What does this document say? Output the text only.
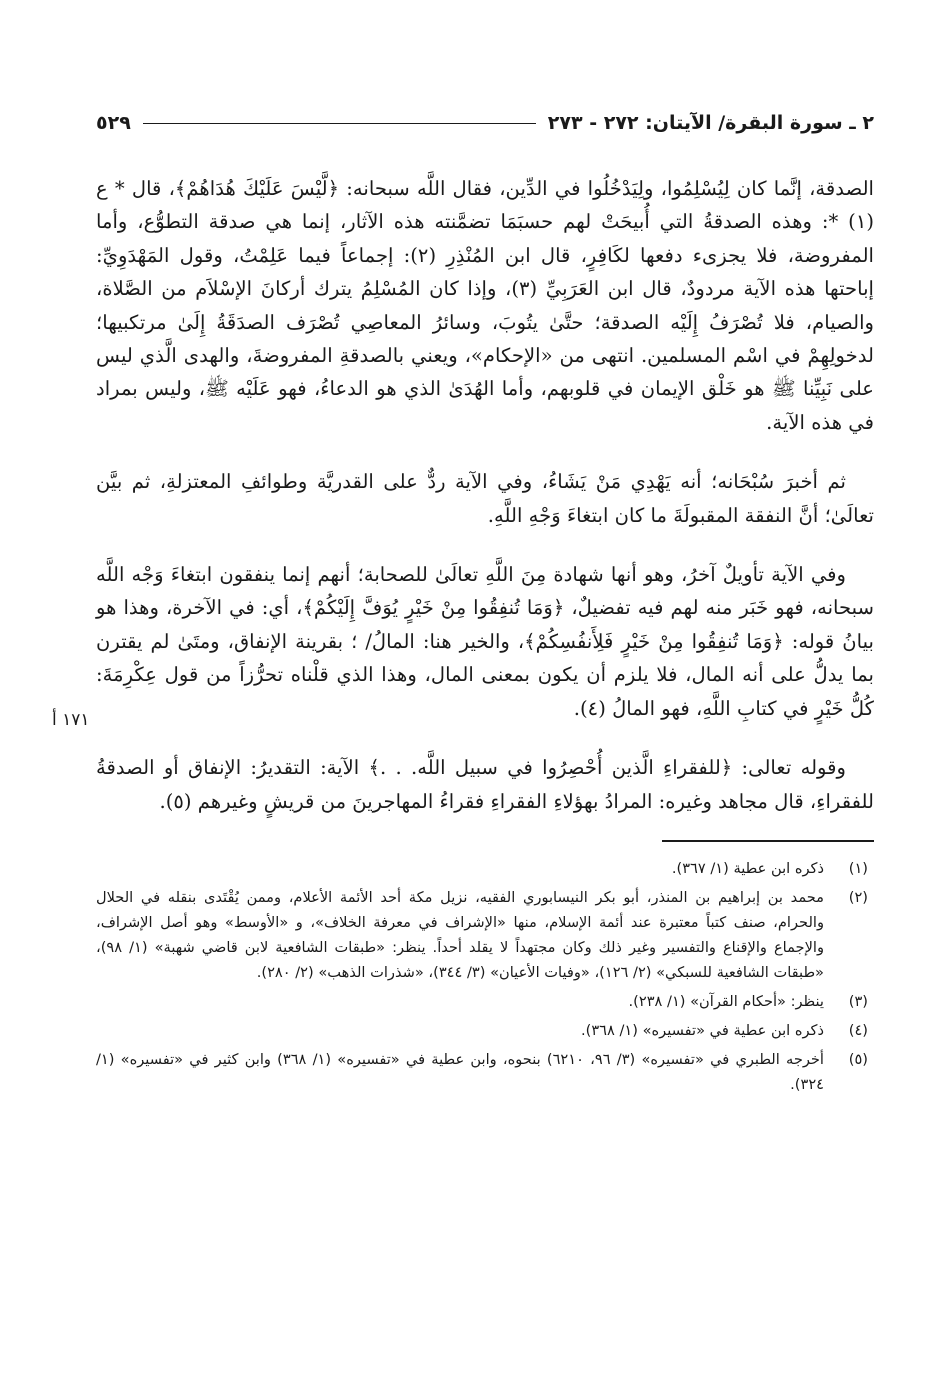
٢ ـ سورة البقرة/ الآيتان: ٢٧٢ - ٢٧٣
٥٢٩

الصدقة، إنَّما كان لِيُسْلِمُوا، ولِيَدْخُلُوا في الدِّين، فقال اللَّه سبحانه: ﴿لَّيْسَ عَلَيْكَ هُدَاهُمْ﴾، قال * ع (١) *: وهذه الصدقةُ التي أُبيحَتْ لهم حسبَمَا تضمَّنته هذه الآثار، إنما هي صدقة التطوُّع، وأما المفروضة، فلا يجزىء دفعها لكَافِرٍ، قال ابن المُنْذِرِ (٢): إجماعاً فيما عَلِمْتُ، وقول المَهْدَوِيِّ: إباحتها هذه الآية مردودٌ، قال ابن العَرَبِيِّ (٣)، وإذا كان المُسْلِمُ يترك أركانَ الإسْلاَم من الصَّلاة، والصيام، فلا تُصْرَفُ إِلَيْه الصدقة؛ حتَّىٰ يتُوبَ، وسائرُ المعاصِي تُصْرَف الصدَقَةُ إِلَىٰ مرتكبيها؛ لدخولِهِمْ في اسْم المسلمين. انتهى من «الإحكام»، ويعني بالصدقةِ المفروضةَ، والهدى الَّذي ليس على نَبِيِّنا ﷺ هو خَلْق الإيمان في قلوبهم، وأما الهُدَىٰ الذي هو الدعاءُ، فهو عَلَيْه ﷺ، وليس بمراد في هذه الآية.

ثم أخبرَ سُبْحَانه؛ أنه يَهْدِي مَنْ يَشَاءُ، وفي الآية ردٌّ على القدريَّة وطوائفِ المعتزلةِ، ثم بيَّن تعالَىٰ؛ أنَّ النفقة المقبولَةَ ما كان ابتغاءَ وَجْهِ اللَّهِ.

١٧١ أ

وفي الآية تأويلٌ آخرُ، وهو أنها شهادة مِنَ اللَّهِ تعالَىٰ للصحابة؛ أنهم إنما ينفقون ابتغاءَ وَجْه اللَّه سبحانه، فهو خَبَر منه لهم فيه تفضيلٌ، ﴿وَمَا تُنفِقُوا مِنْ خَيْرٍ يُوَفَّ إِلَيْكُمْ﴾، أي: في الآخرة، وهذا هو بيانُ قوله: ﴿وَمَا تُنفِقُوا مِنْ خَيْرٍ فَلِأَنفُسِكُمْ﴾، والخير هنا: المالُ/ ؛ بقرينة الإنفاق، ومتَىٰ لم يقترن بما يدلُّ على أنه المال، فلا يلزم أن يكون بمعنى المال، وهذا الذي قلْناه تحرُّزاً من قول عِكْرِمَةَ: كُلُّ خَيْرٍ في كتابِ اللَّهِ، فهو المالُ (٤).

وقوله تعالى: ﴿للفقراءِ الَّذين أُحْصِرُوا في سبيل اللَّه. . .﴾ الآية: التقديرُ: الإنفاق أو الصدقةُ للفقراءِ، قال مجاهد وغيره: المرادُ بهؤلاءِ الفقراءِ فقراءُ المهاجرينَ من قريشٍ وغيرهم (٥).

(١)
ذكره ابن عطية (١/ ٣٦٧).
(٢)
محمد بن إبراهيم بن المنذر، أبو بكر النيسابوري الفقيه، نزيل مكة أحد الأئمة الأعلام، وممن يُقْتَدى بنقله في الحلال والحرام، صنف كتباً معتبرة عند أئمة الإسلام، منها «الإشراف في معرفة الخلاف»، و «الأوسط» وهو أصل الإشراف، والإجماع والإقناع والتفسير وغير ذلك وكان مجتهداً لا يقلد أحداً. ينظر: «طبقات الشافعية لابن قاضي شهبة» (١/ ٩٨)، «طبقات الشافعية للسبكي» (٢/ ١٢٦)، «وفيات الأعيان» (٣/ ٣٤٤)، «شذرات الذهب» (٢/ ٢٨٠).
(٣)
ينظر: «أحكام القرآن» (١/ ٢٣٨).
(٤)
ذكره ابن عطية في «تفسيره» (١/ ٣٦٨).
(٥)
أخرجه الطبري في «تفسيره» (٣/ ٩٦، ٦٢١٠) بنحوه، وابن عطية في «تفسيره» (١/ ٣٦٨) وابن كثير في «تفسيره» (١/ ٣٢٤).
